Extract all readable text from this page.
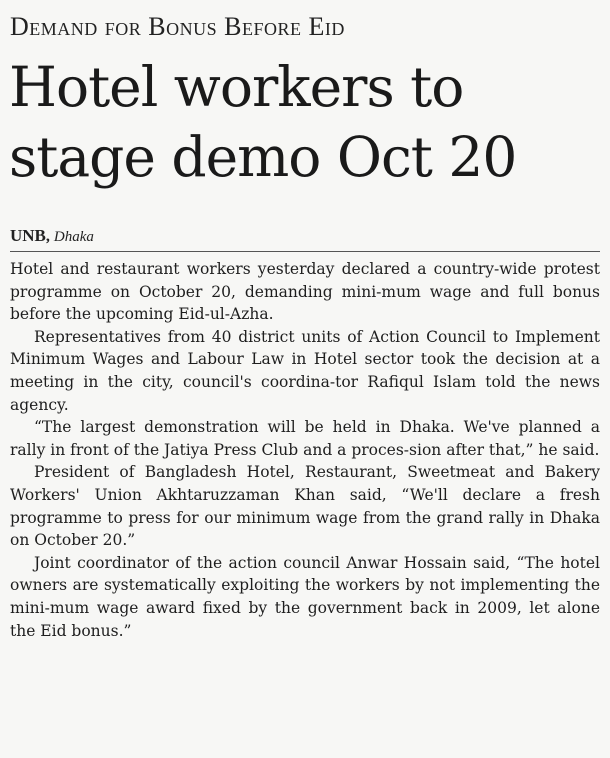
Demand for Bonus Before Eid
Hotel workers to stage demo Oct 20
UNB, Dhaka

Hotel and restaurant workers yesterday declared a country-wide protest programme on October 20, demanding mini-mum wage and full bonus before the upcoming Eid-ul-Azha.

Representatives from 40 district units of Action Council to Implement Minimum Wages and Labour Law in Hotel sector took the decision at a meeting in the city, council's coordina-tor Rafiqul Islam told the news agency.

“The largest demonstration will be held in Dhaka. We've planned a rally in front of the Jatiya Press Club and a proces-sion after that,” he said.

President of Bangladesh Hotel, Restaurant, Sweetmeat and Bakery Workers' Union Akhtaruzzaman Khan said, “We'll declare a fresh programme to press for our minimum wage from the grand rally in Dhaka on October 20.”

Joint coordinator of the action council Anwar Hossain said, “The hotel owners are systematically exploiting the workers by not implementing the mini-mum wage award fixed by the government back in 2009, let alone the Eid bonus.”
